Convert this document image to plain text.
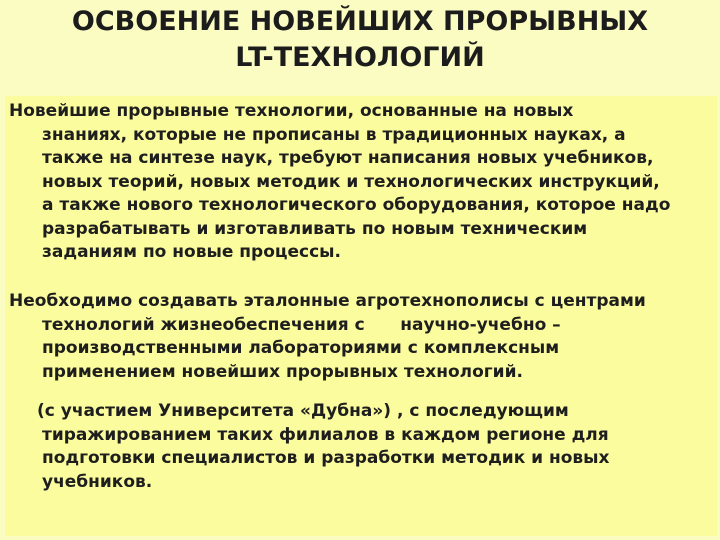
ОСВОЕНИЕ НОВЕЙШИХ ПРОРЫВНЫХ
LT-ТЕХНОЛОГИЙ
Новейшие прорывные технологии, основанные на новых
знаниях, которые не прописаны в традиционных науках, а
также на синтезе наук, требуют написания новых учебников,
новых теорий, новых методик и технологических инструкций,
а также нового технологического оборудования, которое надо
разрабатывать и изготавливать по новым техническим
заданиям по новые процессы.
Необходимо создавать эталонные агротехнополисы с центрами
технологий жизнеобеспечения с      научно-учебно –
производственными лабораториями с комплексным
применением новейших прорывных технологий.
(с участием Университета «Дубна») , с последующим
тиражированием таких филиалов в каждом регионе для
подготовки специалистов и разработки методик и новых
учебников.
